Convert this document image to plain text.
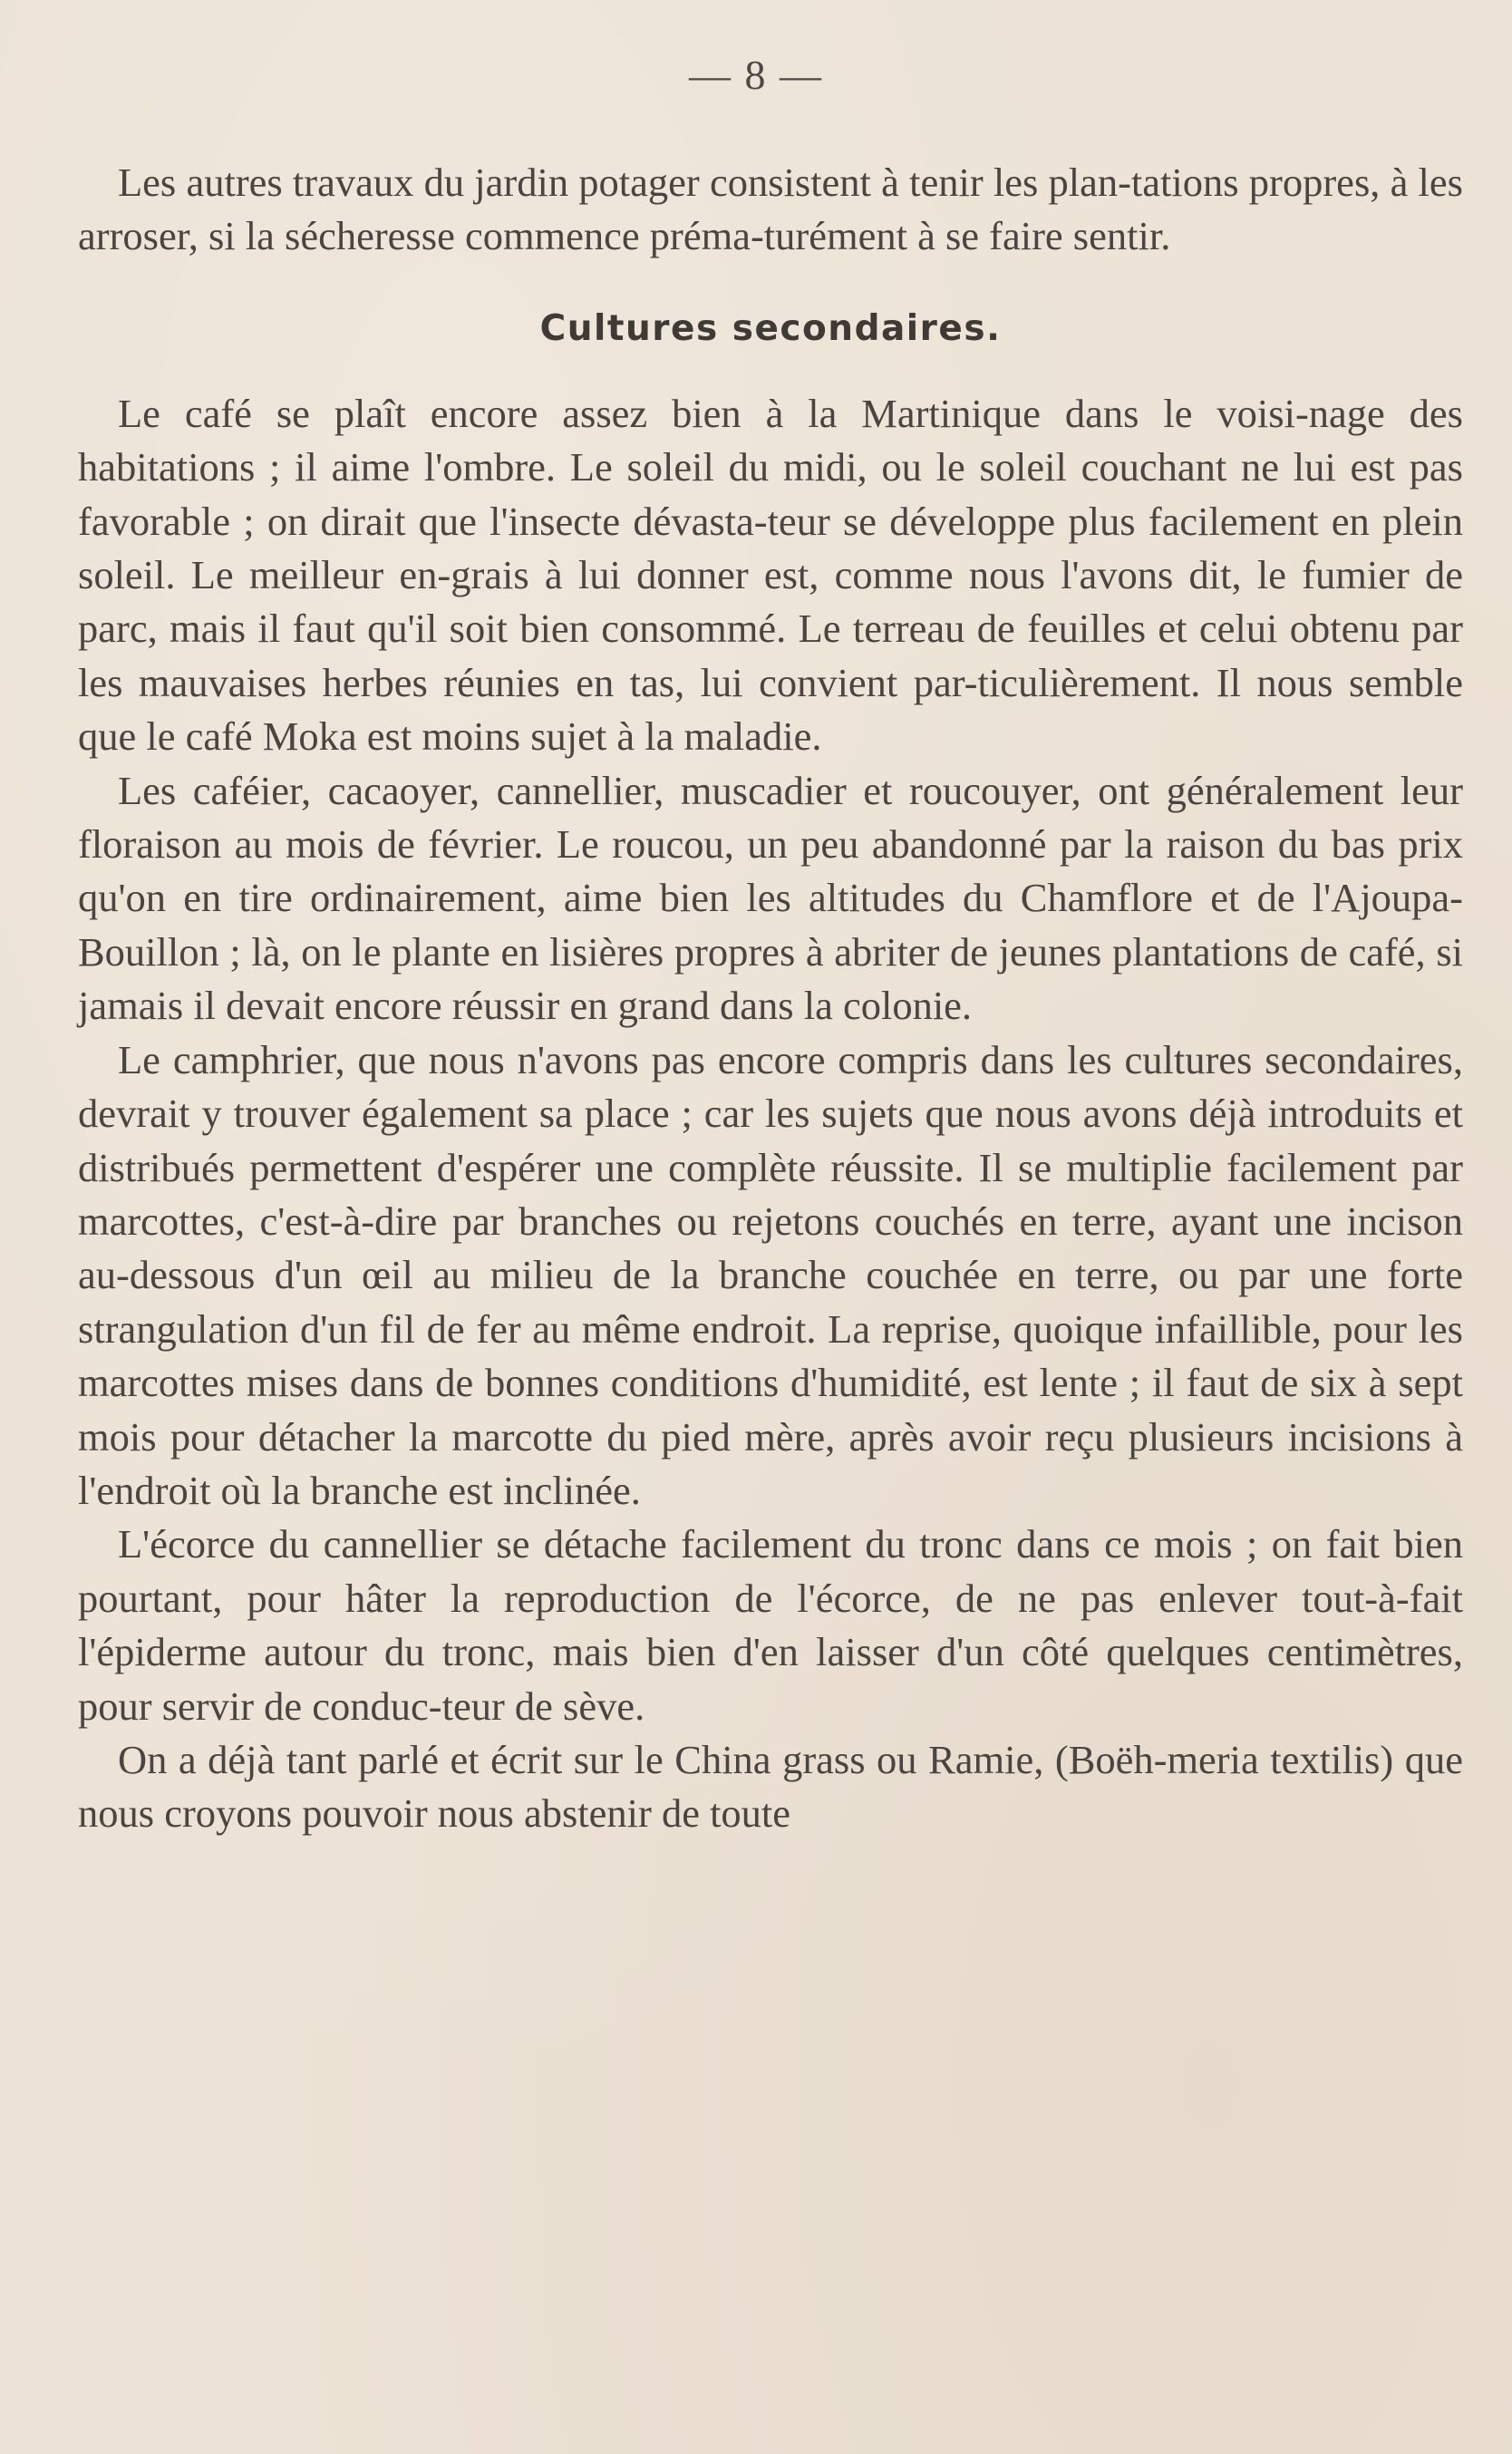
— 8 —

Les autres travaux du jardin potager consistent à tenir les plan-tations propres, à les arroser, si la sécheresse commence préma-turément à se faire sentir.

Cultures secondaires.

Le café se plaît encore assez bien à la Martinique dans le voisi-nage des habitations ; il aime l'ombre. Le soleil du midi, ou le soleil couchant ne lui est pas favorable ; on dirait que l'insecte dévasta-teur se développe plus facilement en plein soleil. Le meilleur en-grais à lui donner est, comme nous l'avons dit, le fumier de parc, mais il faut qu'il soit bien consommé. Le terreau de feuilles et celui obtenu par les mauvaises herbes réunies en tas, lui convient par-ticulièrement. Il nous semble que le café Moka est moins sujet à la maladie.

Les caféier, cacaoyer, cannellier, muscadier et roucouyer, ont généralement leur floraison au mois de février. Le roucou, un peu abandonné par la raison du bas prix qu'on en tire ordinairement, aime bien les altitudes du Chamflore et de l'Ajoupa-Bouillon ; là, on le plante en lisières propres à abriter de jeunes plantations de café, si jamais il devait encore réussir en grand dans la colonie.

Le camphrier, que nous n'avons pas encore compris dans les cultures secondaires, devrait y trouver également sa place ; car les sujets que nous avons déjà introduits et distribués permettent d'espérer une complète réussite. Il se multiplie facilement par marcottes, c'est-à-dire par branches ou rejetons couchés en terre, ayant une incison au-dessous d'un œil au milieu de la branche couchée en terre, ou par une forte strangulation d'un fil de fer au même endroit. La reprise, quoique infaillible, pour les marcottes mises dans de bonnes conditions d'humidité, est lente ; il faut de six à sept mois pour détacher la marcotte du pied mère, après avoir reçu plusieurs incisions à l'endroit où la branche est inclinée.

L'écorce du cannellier se détache facilement du tronc dans ce mois ; on fait bien pourtant, pour hâter la reproduction de l'écorce, de ne pas enlever tout-à-fait l'épiderme autour du tronc, mais bien d'en laisser d'un côté quelques centimètres, pour servir de conduc-teur de sève.

On a déjà tant parlé et écrit sur le China grass ou Ramie, (Boëh-meria textilis) que nous croyons pouvoir nous abstenir de toute
